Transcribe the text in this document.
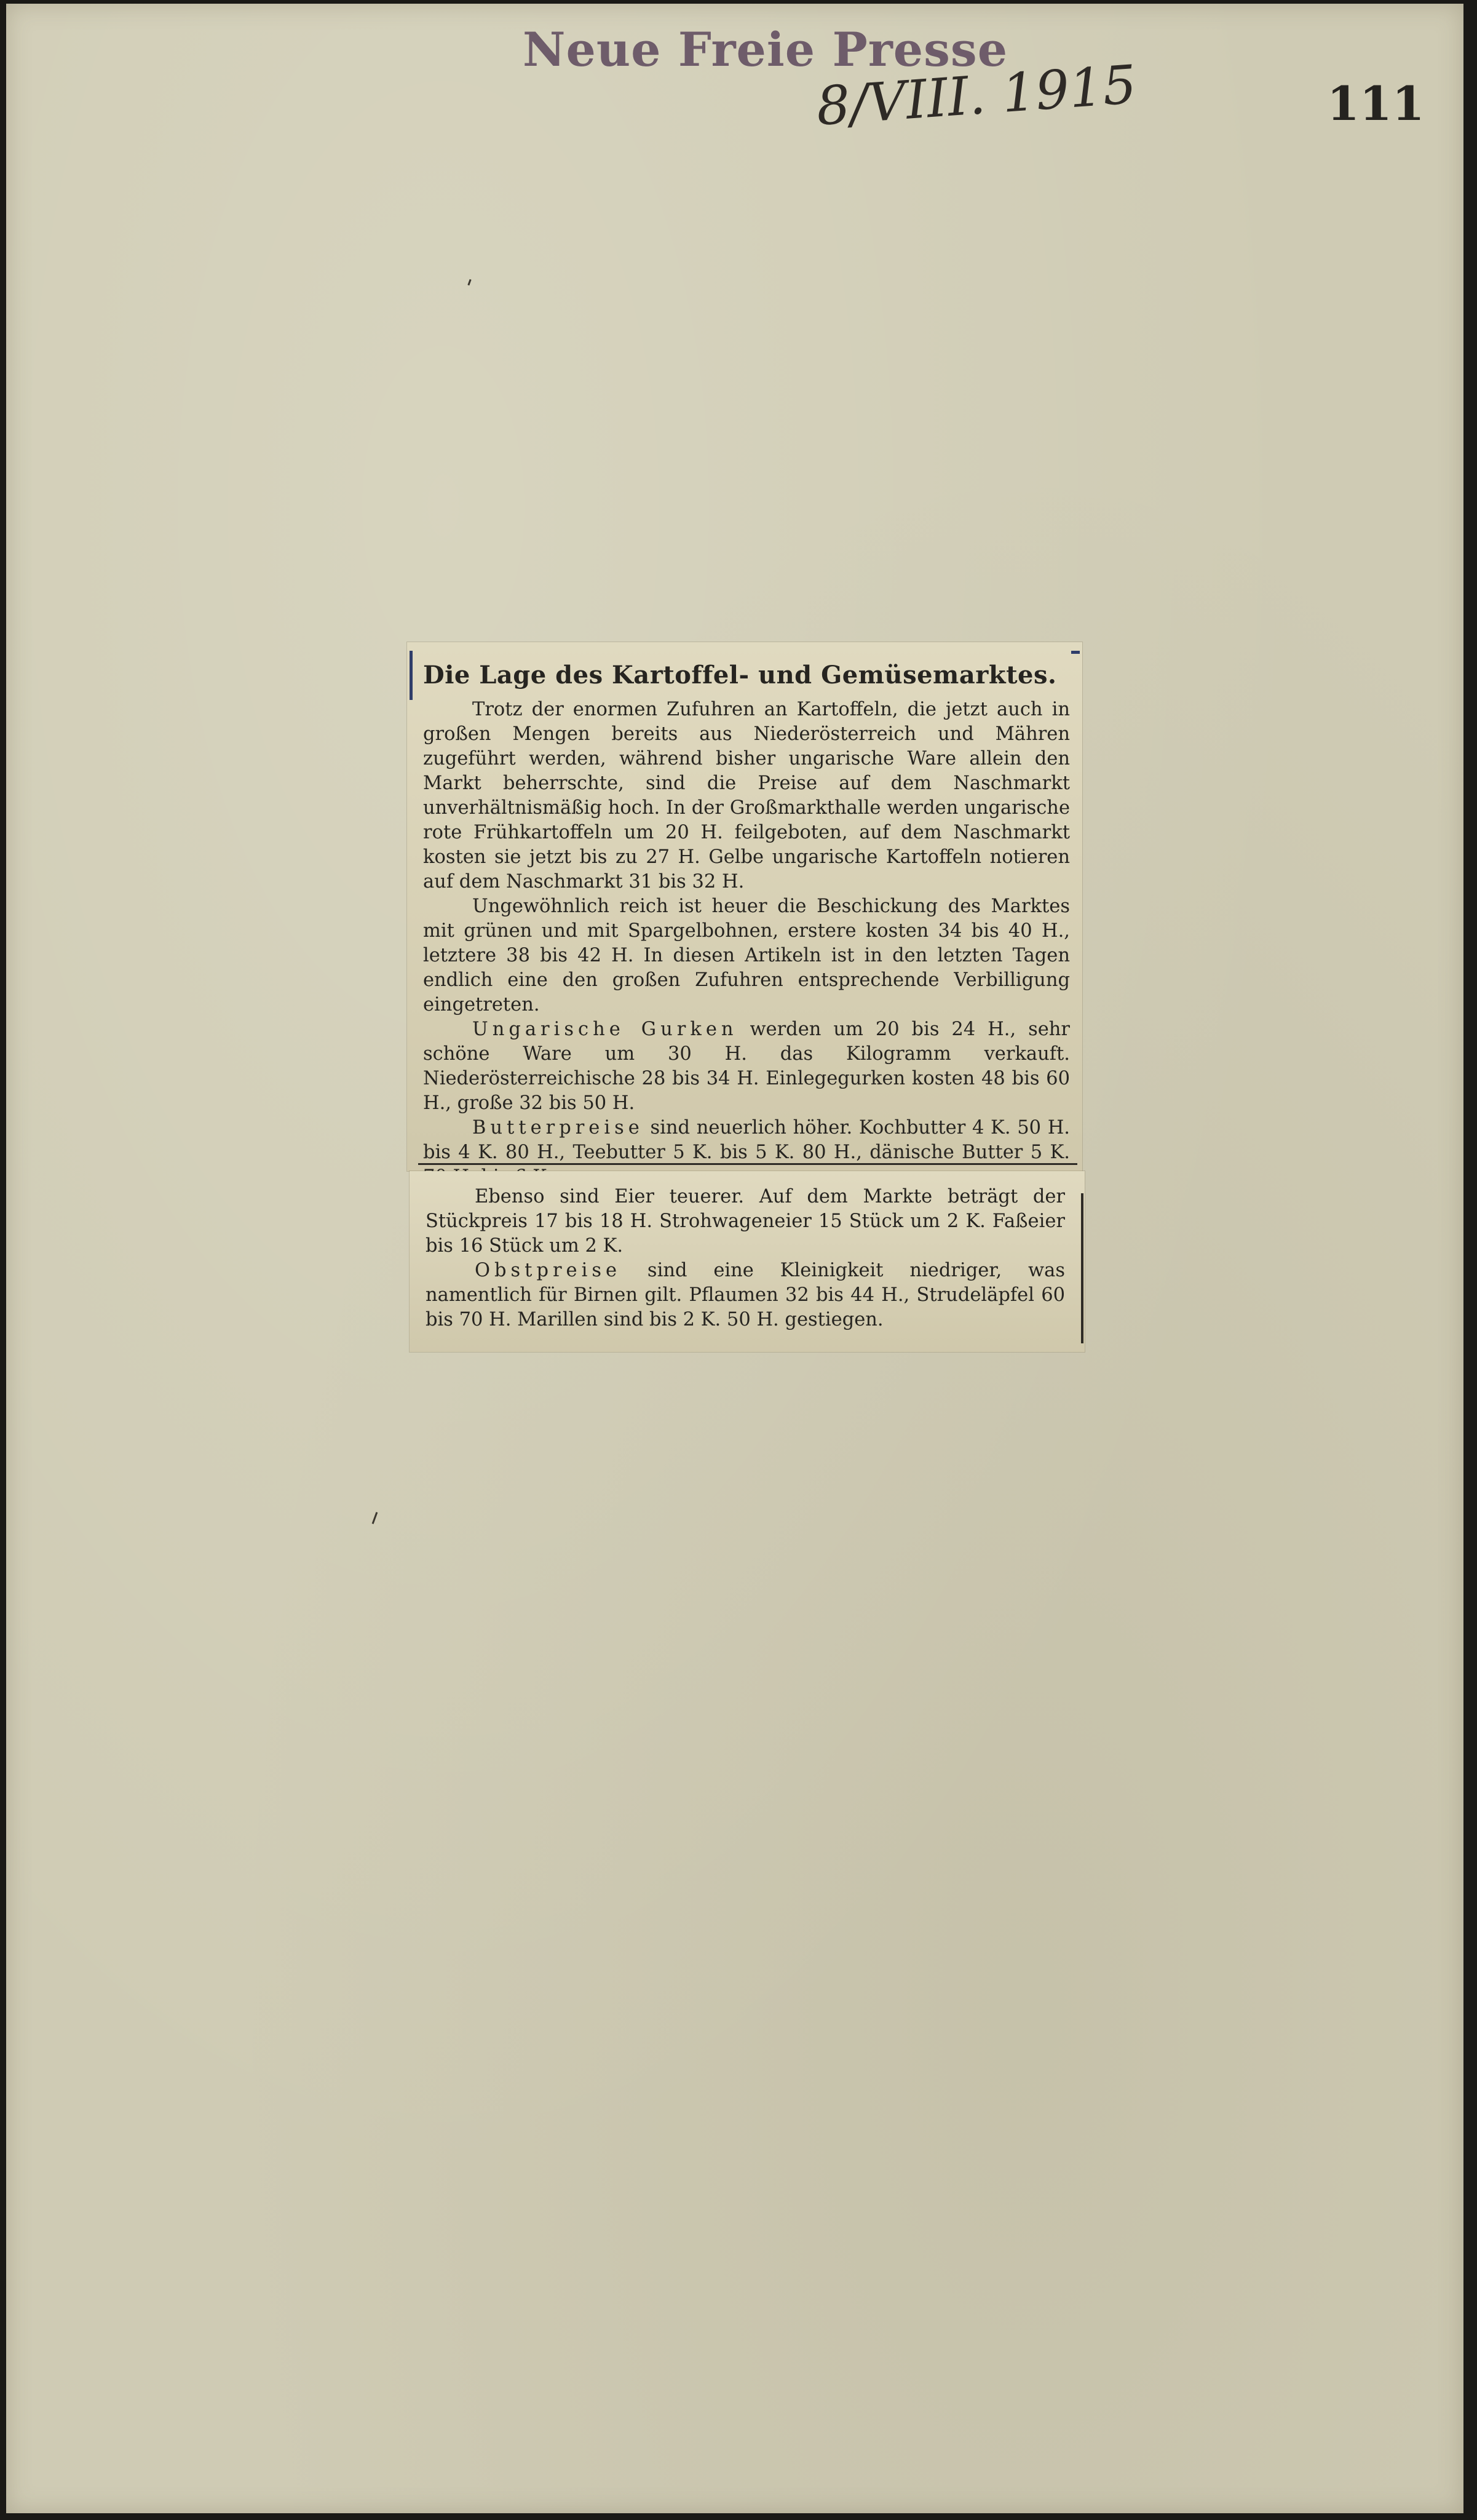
Neue Freie Presse
8/VIII. 1915	111
Die Lage des Kartoffel- und Gemüsemarktes.

Trotz der enormen Zufuhren an Kartoffeln, die jetzt auch in großen Mengen bereits aus Niederösterreich und Mähren zugeführt werden, während bisher ungarische Ware allein den Markt beherrschte, sind die Preise auf dem Naschmarkt unverhältnismäßig hoch. In der Großmarkthalle werden ungarische rote Frühkartoffeln um 20 H. feilgeboten, auf dem Naschmarkt kosten sie jetzt bis zu 27 H. Gelbe ungarische Kartoffeln notieren auf dem Naschmarkt 31 bis 32 H.

Ungewöhnlich reich ist heuer die Beschickung des Marktes mit grünen und mit Spargelbohnen, erstere kosten 34 bis 40 H., letztere 38 bis 42 H. In diesen Artikeln ist in den letzten Tagen endlich eine den großen Zufuhren entsprechende Verbilligung eingetreten.

Ungarische Gurken werden um 20 bis 24 H., sehr schöne Ware um 30 H. das Kilogramm verkauft. Niederösterreichische 28 bis 34 H. Einlegegurken kosten 48 bis 60 H., große 32 bis 50 H.

Butterpreise sind neuerlich höher. Kochbutter 4 K. 50 H. bis 4 K. 80 H., Teebutter 5 K. bis 5 K. 80 H., dänische Butter 5 K.

Ebenso sind Eier teuerer. Auf dem Markte beträgt der Stückpreis 17 bis 18 H. Strohwageneier 15 Stück um 2 K. Faßeier bis 16 Stück um 2 K.

Obstpreise sind eine Kleinigkeit niedriger, was namentlich für Birnen gilt. Pflaumen 32 bis 44 H., Strudeläpfel 60 bis 70 H. Marillen sind bis 2 K. 50 H. gestiegen.
